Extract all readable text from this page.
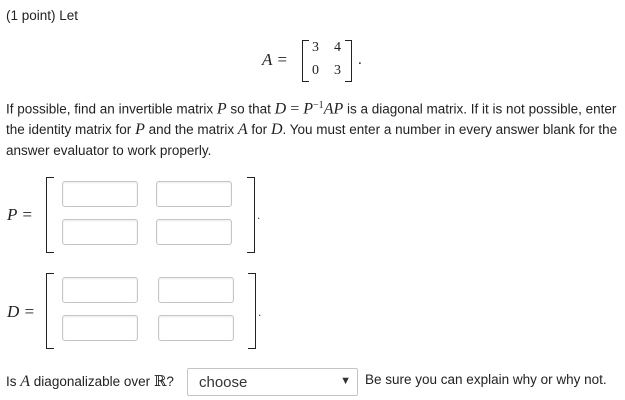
(1 point) Let
A =
3 4
0 3
.
If possible, find an invertible matrix P so that $D = P^{-1}AP$ is a diagonal matrix. If it is not possible, enter the identity matrix for P and the matrix A for D. You must enter a number in every answer blank for the answer evaluator to work properly.
P =	.
D =	.
Is A diagonalizable over ℝ? choose	▼ Be sure you can explain why or why not.
